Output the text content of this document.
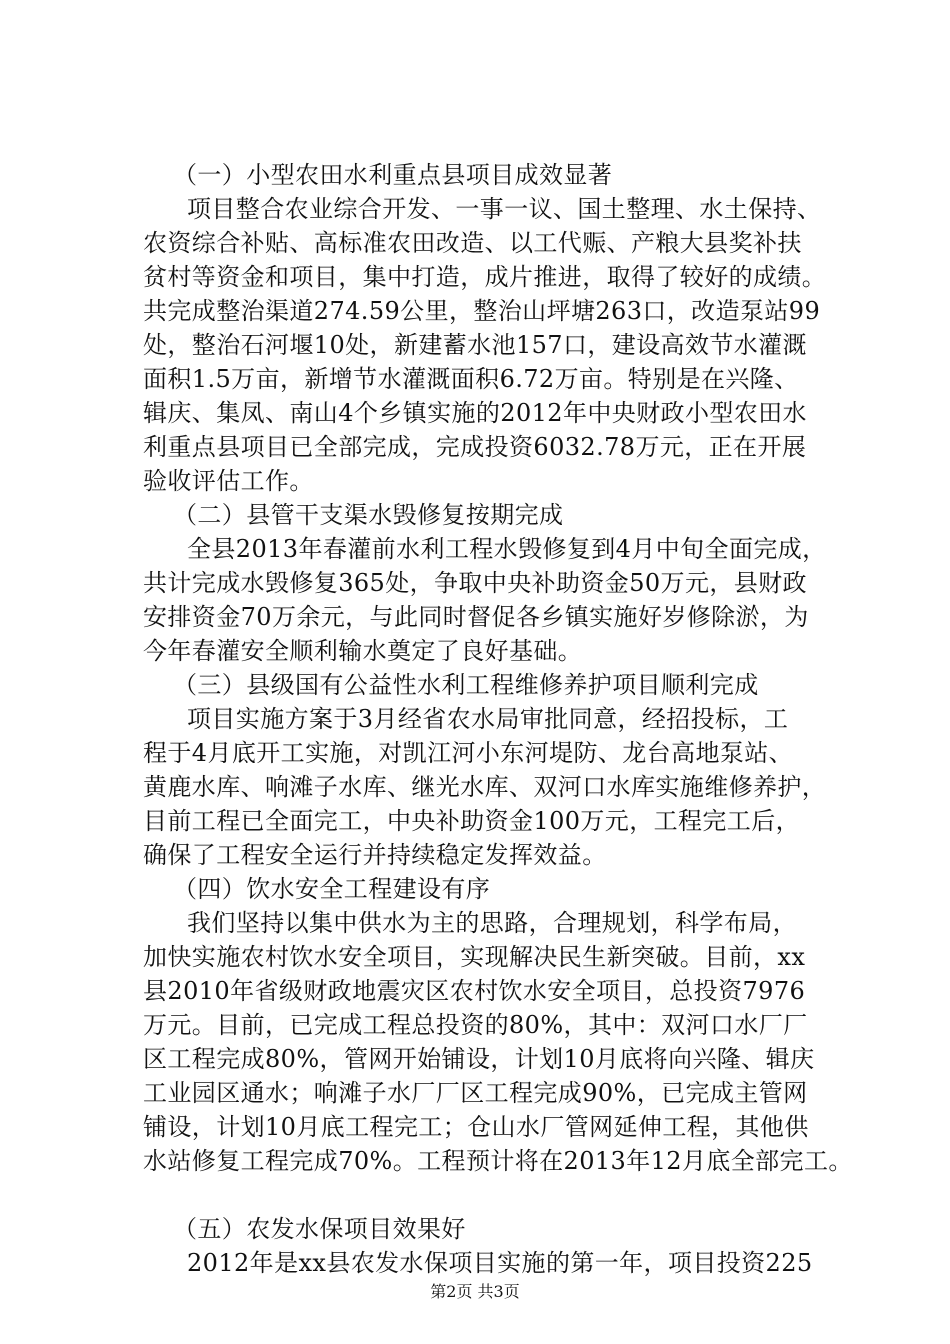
（一）小型农田水利重点县项目成效显著
项目整合农业综合开发、一事一议、国土整理、水土保持、
农资综合补贴、高标准农田改造、以工代赈、产粮大县奖补扶
贫村等资金和项目，集中打造，成片推进，取得了较好的成绩。
共完成整治渠道274.59公里，整治山坪塘263口，改造泵站99
处，整治石河堰10处，新建蓄水池157口，建设高效节水灌溉
面积1.5万亩，新增节水灌溉面积6.72万亩。特别是在兴隆、
辑庆、集凤、南山4个乡镇实施的2012年中央财政小型农田水
利重点县项目已全部完成，完成投资6032.78万元，正在开展
验收评估工作。
（二）县管干支渠水毁修复按期完成
全县2013年春灌前水利工程水毁修复到4月中旬全面完成，
共计完成水毁修复365处，争取中央补助资金50万元，县财政
安排资金70万余元，与此同时督促各乡镇实施好岁修除淤，为
今年春灌安全顺利输水奠定了良好基础。
（三）县级国有公益性水利工程维修养护项目顺利完成
项目实施方案于3月经省农水局审批同意，经招投标，工
程于4月底开工实施，对凯江河小东河堤防、龙台高地泵站、
黄鹿水库、响滩子水库、继光水库、双河口水库实施维修养护，
目前工程已全面完工，中央补助资金100万元，工程完工后，
确保了工程安全运行并持续稳定发挥效益。
（四）饮水安全工程建设有序
我们坚持以集中供水为主的思路，合理规划，科学布局，
加快实施农村饮水安全项目，实现解决民生新突破。目前，xx
县2010年省级财政地震灾区农村饮水安全项目，总投资7976
万元。目前，已完成工程总投资的80%，其中：双河口水厂厂
区工程完成80%，管网开始铺设，计划10月底将向兴隆、辑庆
工业园区通水；响滩子水厂厂区工程完成90%，已完成主管网
铺设，计划10月底工程完工；仓山水厂管网延伸工程，其他供
水站修复工程完成70%。工程预计将在2013年12月底全部完工。
（五）农发水保项目效果好
2012年是xx县农发水保项目实施的第一年，项目投资225
第2页 共3页
